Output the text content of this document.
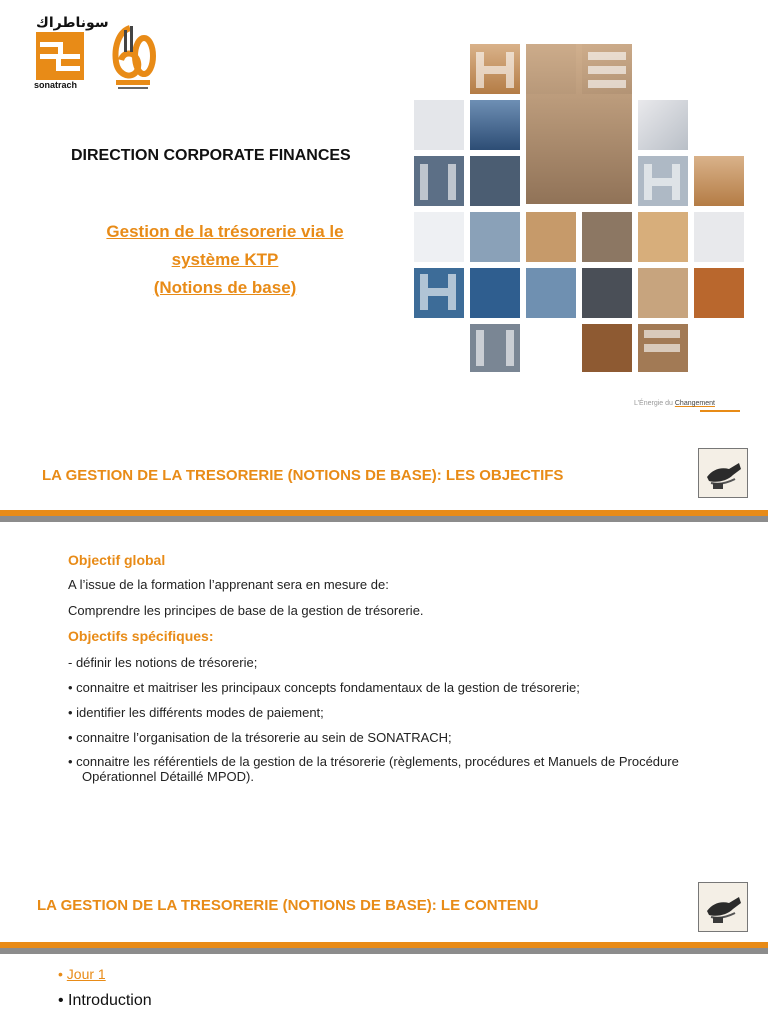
سوناطراك
sonatrach
DIRECTION CORPORATE FINANCES
Gestion de la trésorerie via le
système KTP
(Notions de base)
L’Énergie du Changement
LA GESTION DE LA TRESORERIE (NOTIONS DE BASE): LES OBJECTIFS
Objectif global
A l’issue de la formation l’apprenant sera en mesure de:
Comprendre les principes de base de la gestion de trésorerie.
Objectifs spécifiques:
- définir les notions de trésorerie;
• connaitre et maitriser les principaux concepts fondamentaux de la gestion de trésorerie;
• identifier les différents modes de paiement;
• connaitre l’organisation de la trésorerie au sein de SONATRACH;
• connaitre les référentiels de la gestion de la trésorerie (règlements, procédures et Manuels de Procédure Opérationnel Détaillé MPOD).
LA GESTION DE LA TRESORERIE (NOTIONS DE BASE): LE CONTENU
• Jour 1
• Introduction
